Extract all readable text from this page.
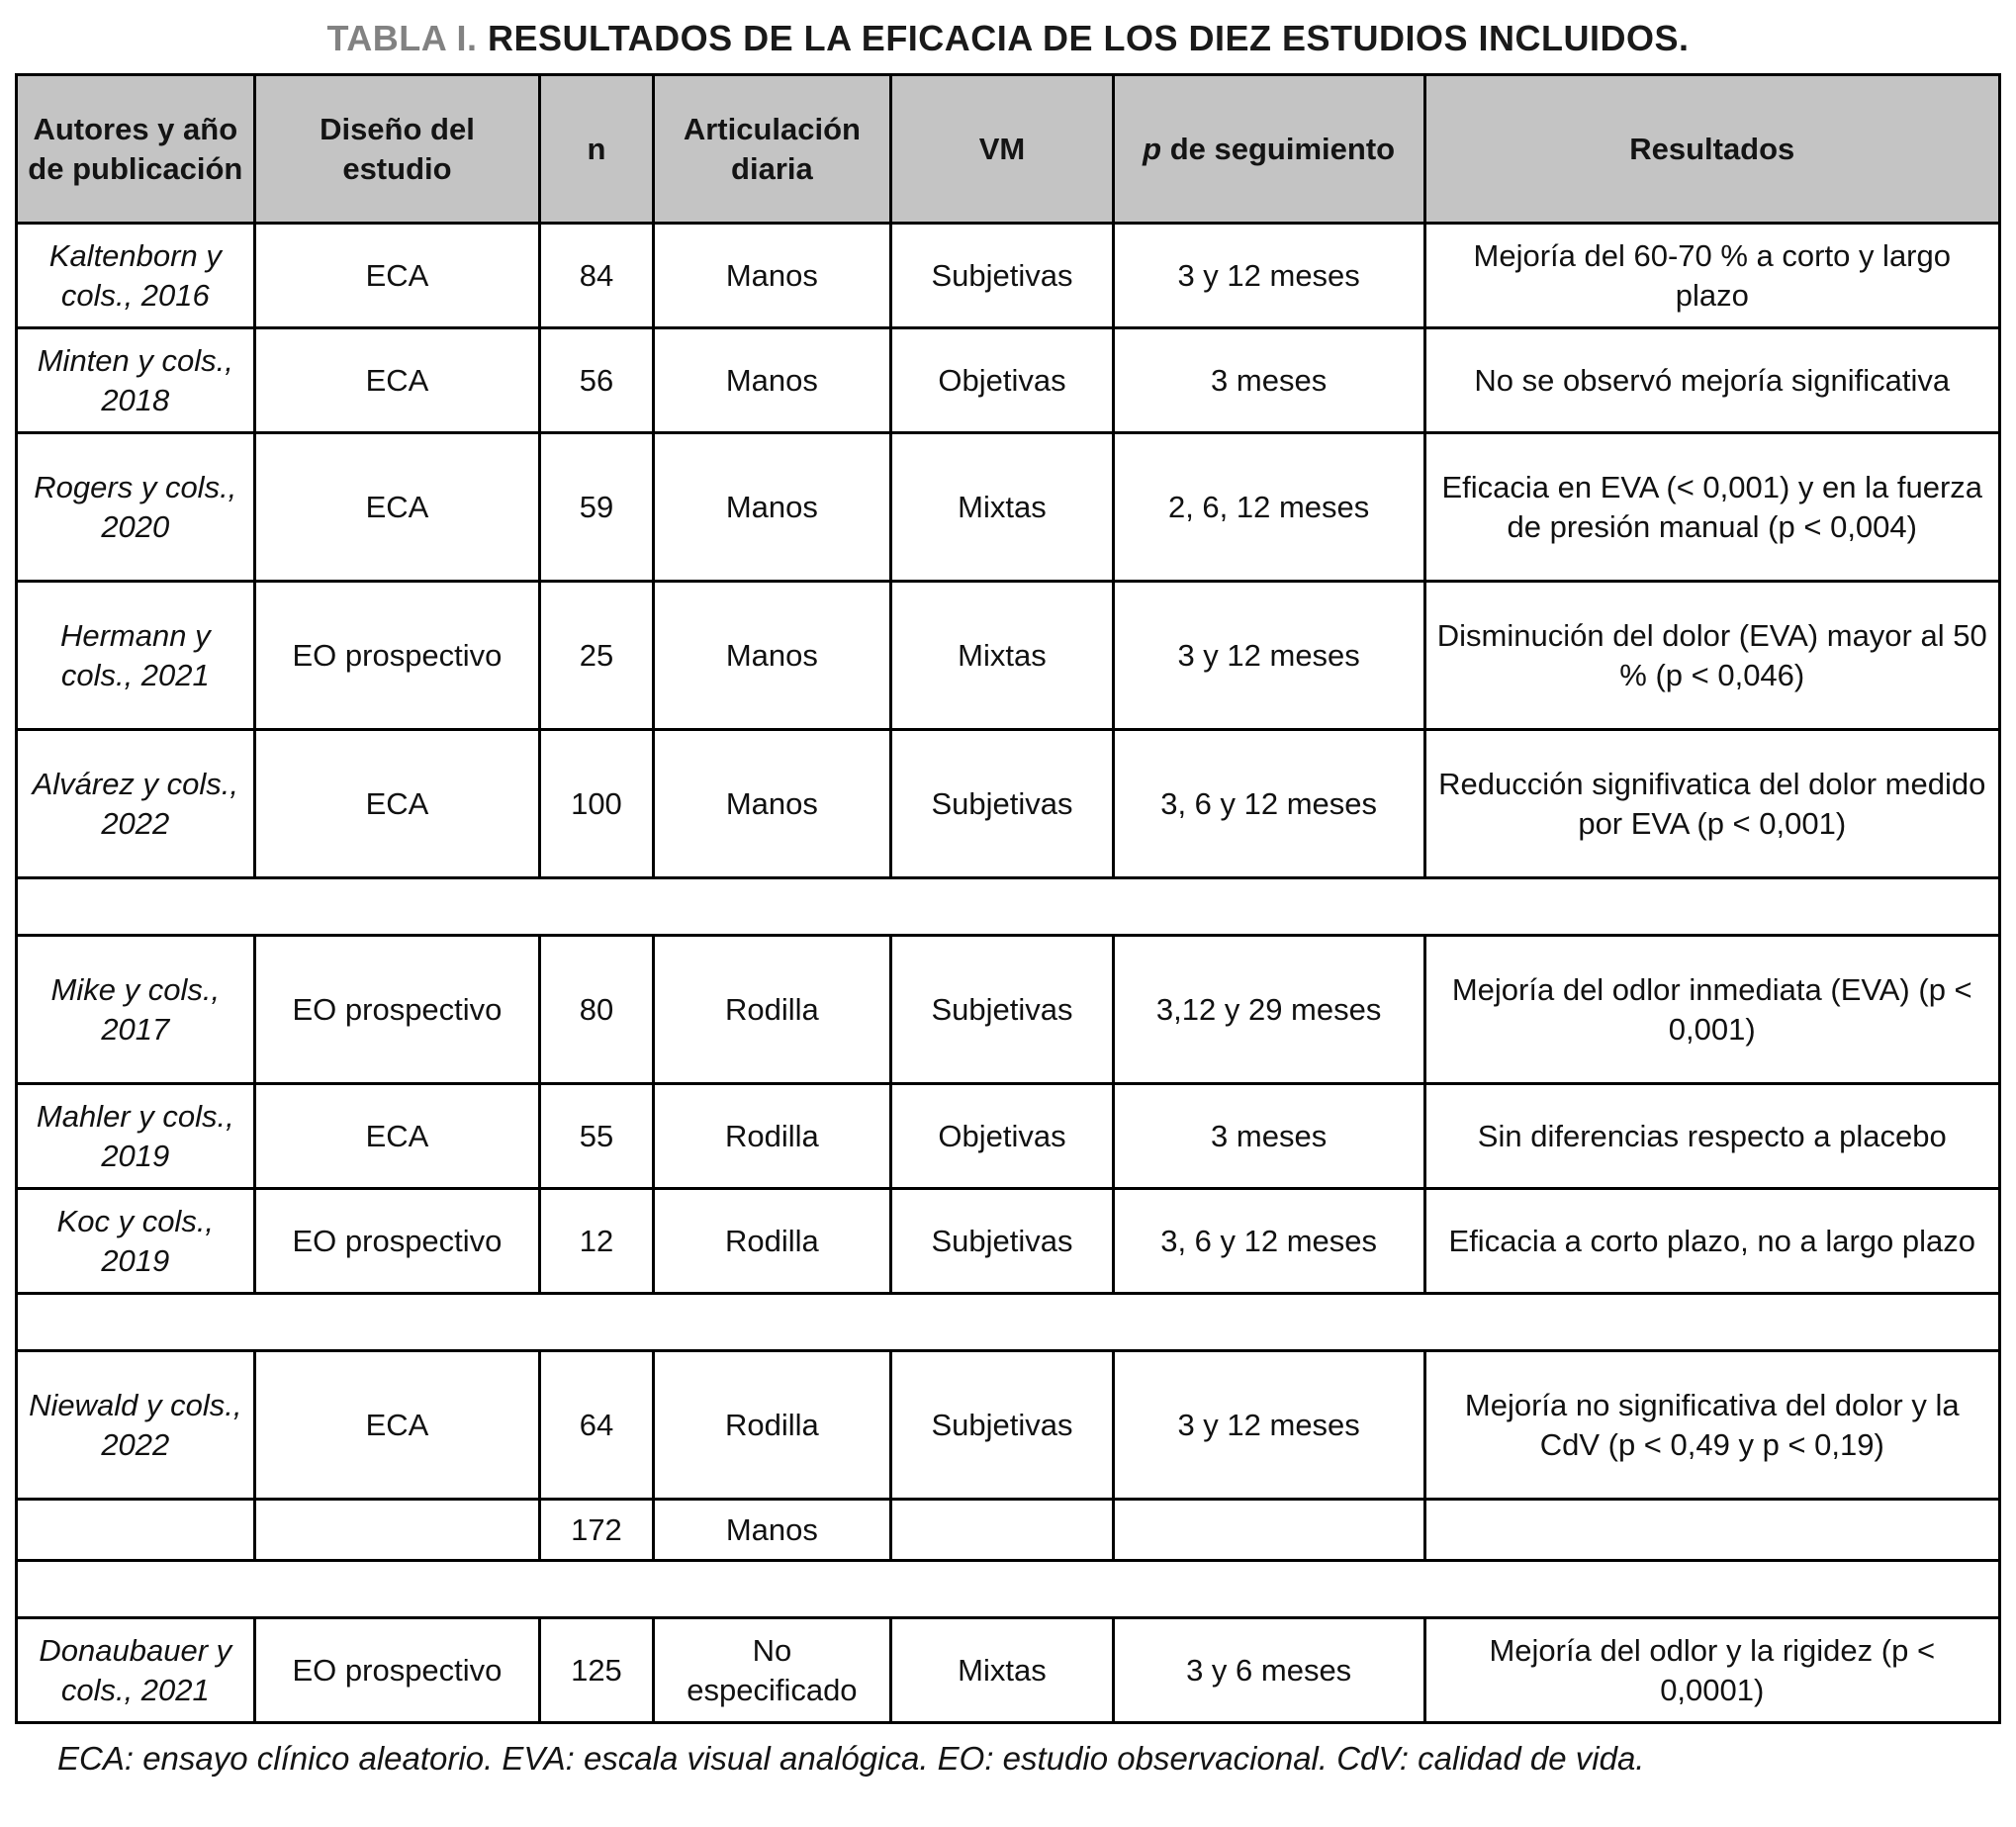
TABLA I. RESULTADOS DE LA EFICACIA DE LOS DIEZ ESTUDIOS INCLUIDOS.
Autores y año de publicación	Diseño del estudio	n	Articulación diaria	VM	p de seguimiento	Resultados
Kaltenborn y cols., 2016	ECA	84	Manos	Subjetivas	3 y 12 meses	Mejoría del 60-70 % a corto y largo plazo
Minten y cols., 2018	ECA	56	Manos	Objetivas	3 meses	No se observó mejoría significativa
Rogers y cols., 2020	ECA	59	Manos	Mixtas	2, 6, 12 meses	Eficacia en EVA (< 0,001) y en la fuerza de presión manual (p < 0,004)
Hermann y cols., 2021	EO prospectivo	25	Manos	Mixtas	3 y 12 meses	Disminución del dolor (EVA) mayor al 50 % (p < 0,046)
Alvárez y cols., 2022	ECA	100	Manos	Subjetivas	3, 6 y 12 meses	Reducción signifivatica del dolor medido por EVA (p < 0,001)

Mike y cols., 2017	EO prospectivo	80	Rodilla	Subjetivas	3,12 y 29 meses	Mejoría del odlor inmediata (EVA) (p < 0,001)
Mahler y cols., 2019	ECA	55	Rodilla	Objetivas	3 meses	Sin diferencias respecto a placebo
Koc y cols., 2019	EO prospectivo	12	Rodilla	Subjetivas	3, 6 y 12 meses	Eficacia a corto plazo, no a largo plazo

Niewald y cols., 2022	ECA	64	Rodilla	Subjetivas	3 y 12 meses	Mejoría no significativa del dolor y la CdV (p < 0,49 y p < 0,19)
		172	Manos			

Donaubauer y cols., 2021	EO prospectivo	125	No especificado	Mixtas	3 y 6 meses	Mejoría del odlor y la rigidez (p < 0,0001)
ECA: ensayo clínico aleatorio. EVA: escala visual analógica. EO: estudio observacional. CdV: calidad de vida.
